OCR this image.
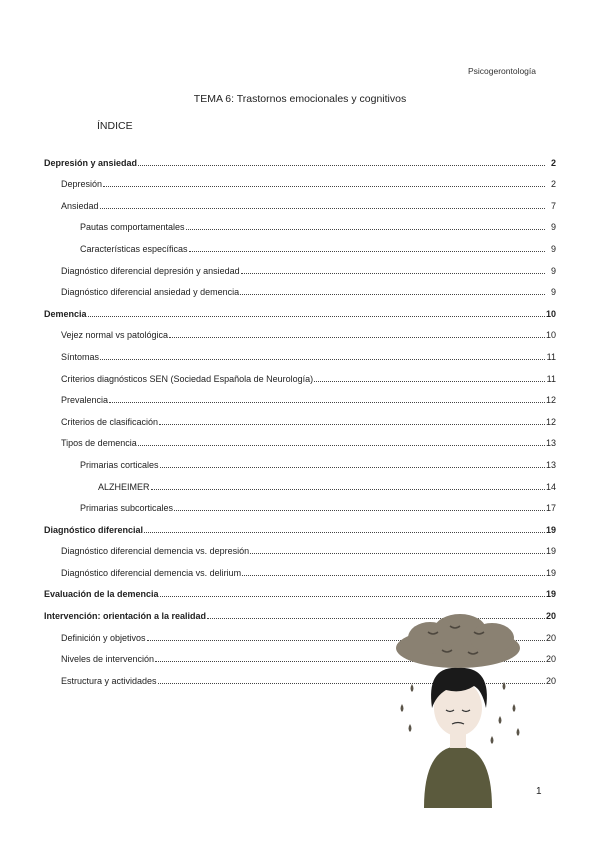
Psicogerontología
TEMA 6: Trastornos emocionales y cognitivos
ÍNDICE
Depresión y ansiedad	2
Depresión	2
Ansiedad	7
Pautas comportamentales	9
Características específicas	9
Diagnóstico diferencial depresión y ansiedad	9
Diagnóstico diferencial ansiedad y demencia	9
Demencia	10
Vejez normal vs patológica	10
Síntomas	11
Criterios diagnósticos SEN (Sociedad Española de Neurología)	11
Prevalencia	12
Criterios de clasificación	12
Tipos de demencia	13
Primarias corticales	13
ALZHEIMER	14
Primarias subcorticales	17
Diagnóstico diferencial	19
Diagnóstico diferencial demencia vs. depresión	19
Diagnóstico diferencial demencia vs. delirium	19
Evaluación de la demencia	19
Intervención: orientación a la realidad	20
Definición y objetivos	20
Niveles de intervención	20
Estructura y actividades	20
1
